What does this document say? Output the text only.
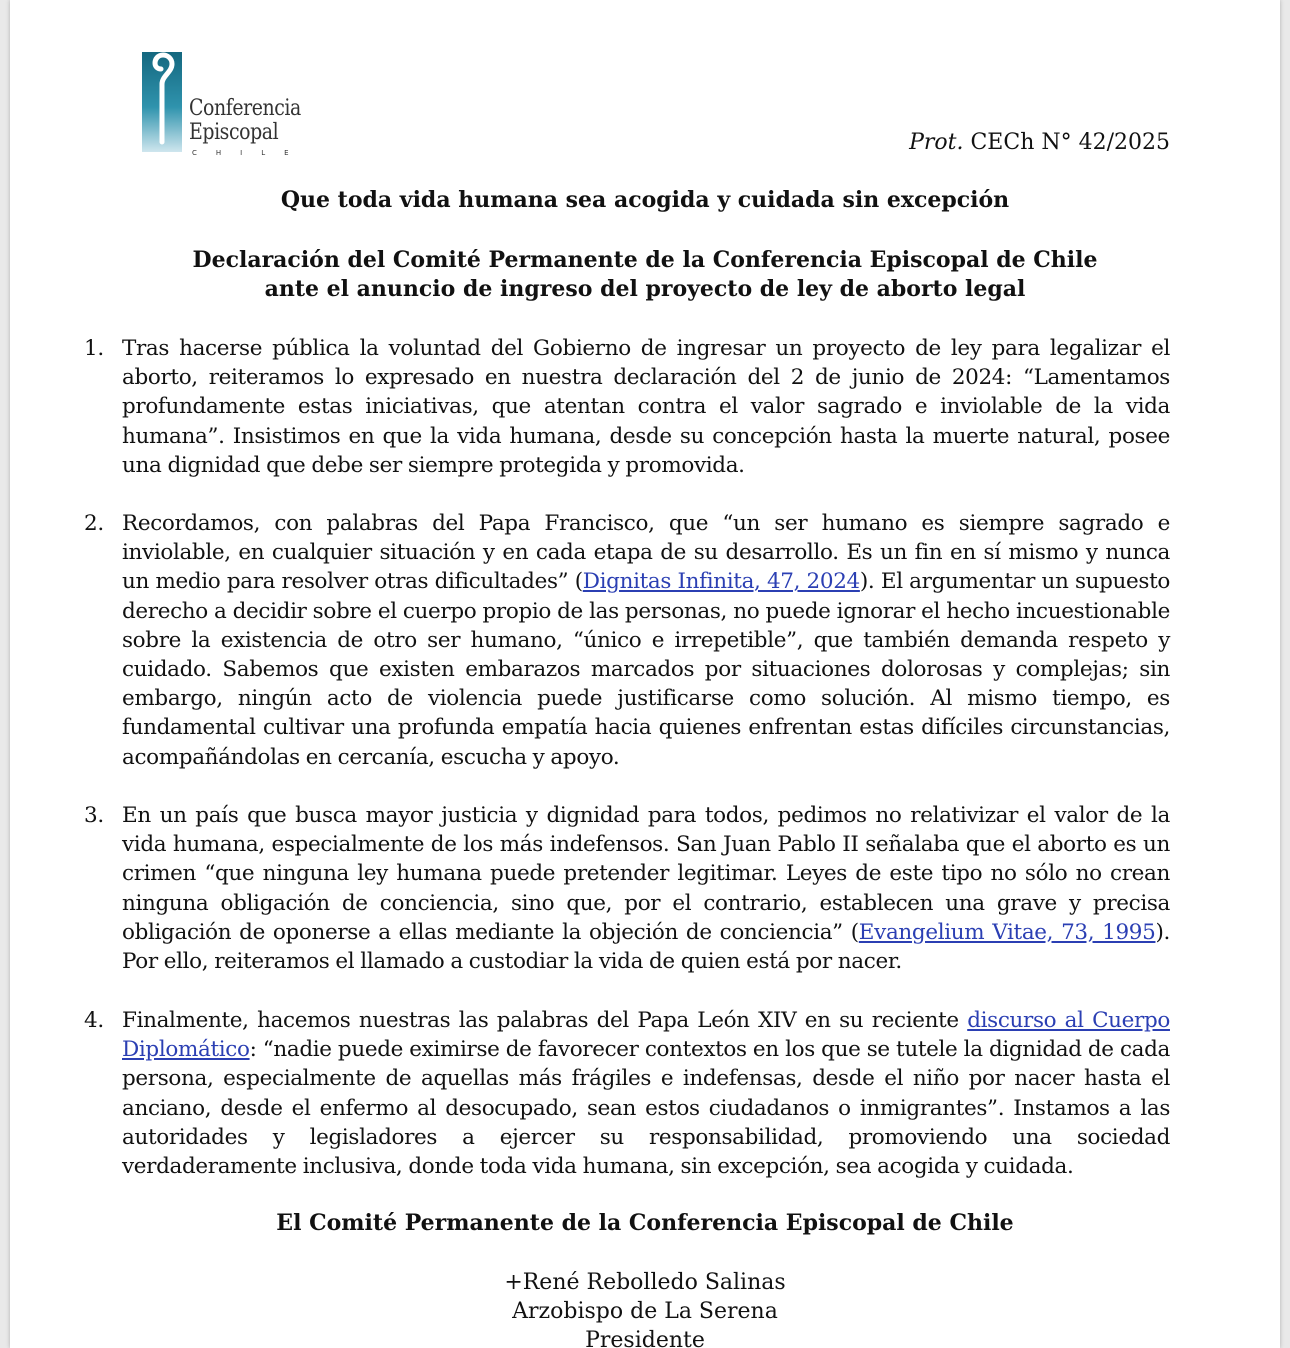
Conferencia
Episcopal
CHILE	Prot. CECh N° 42/2025
Que toda vida humana sea acogida y cuidada sin excepción
Declaración del Comité Permanente de la Conferencia Episcopal de Chile
ante el anuncio de ingreso del proyecto de ley de aborto legal
1. Tras hacerse pública la voluntad del Gobierno de ingresar un proyecto de ley para legalizar el aborto, reiteramos lo expresado en nuestra declaración del 2 de junio de 2024: “Lamentamos profundamente estas iniciativas, que atentan contra el valor sagrado e inviolable de la vida humana”. Insistimos en que la vida humana, desde su concepción hasta la muerte natural, posee una dignidad que debe ser siempre protegida y promovida.
2. Recordamos, con palabras del Papa Francisco, que “un ser humano es siempre sagrado e inviolable, en cualquier situación y en cada etapa de su desarrollo. Es un fin en sí mismo y nunca un medio para resolver otras dificultades” (Dignitas Infinita, 47, 2024). El argumentar un supuesto derecho a decidir sobre el cuerpo propio de las personas, no puede ignorar el hecho incuestionable sobre la existencia de otro ser humano, “único e irrepetible”, que también demanda respeto y cuidado. Sabemos que existen embarazos marcados por situaciones dolorosas y complejas; sin embargo, ningún acto de violencia puede justificarse como solución. Al mismo tiempo, es fundamental cultivar una profunda empatía hacia quienes enfrentan estas difíciles circunstancias, acompañándolas en cercanía, escucha y apoyo.
3. En un país que busca mayor justicia y dignidad para todos, pedimos no relativizar el valor de la vida humana, especialmente de los más indefensos. San Juan Pablo II señalaba que el aborto es un crimen “que ninguna ley humana puede pretender legitimar. Leyes de este tipo no sólo no crean ninguna obligación de conciencia, sino que, por el contrario, establecen una grave y precisa obligación de oponerse a ellas mediante la objeción de conciencia” (Evangelium Vitae, 73, 1995). Por ello, reiteramos el llamado a custodiar la vida de quien está por nacer.
4. Finalmente, hacemos nuestras las palabras del Papa León XIV en su reciente discurso al Cuerpo Diplomático: “nadie puede eximirse de favorecer contextos en los que se tutele la dignidad de cada persona, especialmente de aquellas más frágiles e indefensas, desde el niño por nacer hasta el anciano, desde el enfermo al desocupado, sean estos ciudadanos o inmigrantes”. Instamos a las autoridades y legisladores a ejercer su responsabilidad, promoviendo una sociedad verdaderamente inclusiva, donde toda vida humana, sin excepción, sea acogida y cuidada.
El Comité Permanente de la Conferencia Episcopal de Chile
+René Rebolledo Salinas
Arzobispo de La Serena
Presidente
